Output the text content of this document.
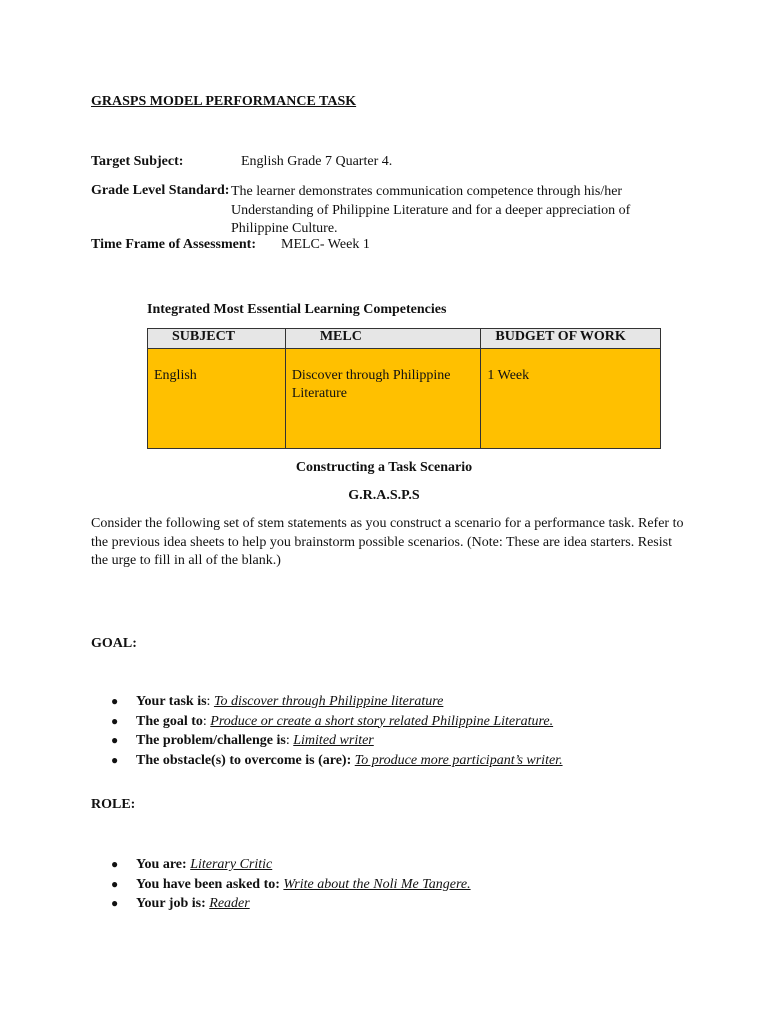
GRASPS MODEL PERFORMANCE TASK
Target Subject:	English Grade 7 Quarter 4.
Grade Level Standard: The learner demonstrates communication competence through his/her
Understanding of Philippine Literature and for a deeper appreciation of
Philippine Culture.
Time Frame of Assessment: MELC- Week 1
Integrated Most Essential Learning Competencies
SUBJECT	MELC	BUDGET OF WORK
English	Discover through Philippine Literature	1 Week
Constructing a Task Scenario
G.R.A.S.P.S
Consider the following set of stem statements as you construct a scenario for a performance task. Refer to the previous idea sheets to help you brainstorm possible scenarios. (Note: These are idea starters. Resist the urge to fill in all of the blank.)
GOAL:
● Your task is: To discover through Philippine literature
● The goal to: Produce or create a short story related Philippine Literature.
● The problem/challenge is: Limited writer
● The obstacle(s) to overcome is (are): To produce more participant’s writer.
ROLE:
● You are: Literary Critic
● You have been asked to: Write about the Noli Me Tangere.
● Your job is: Reader
